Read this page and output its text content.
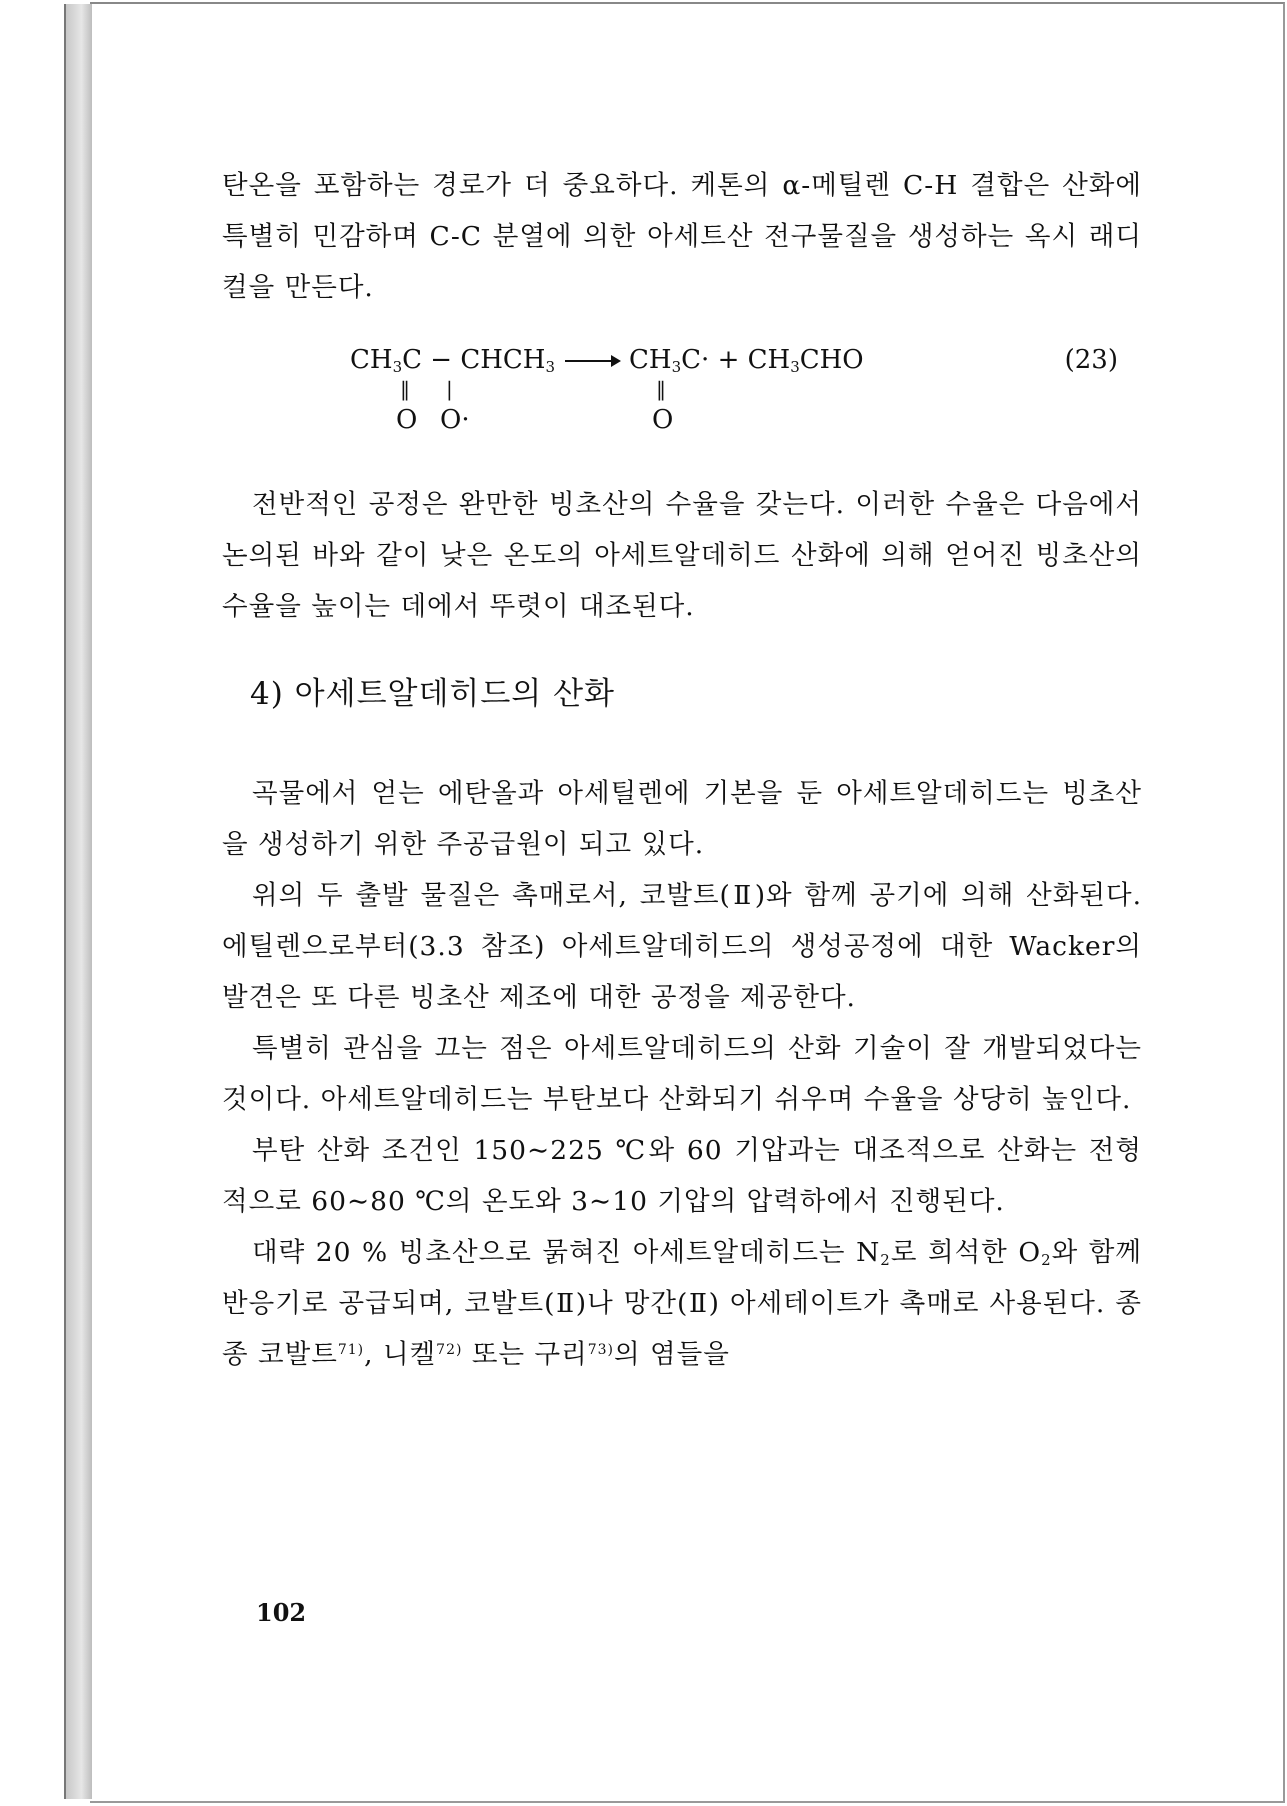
탄온을 포함하는 경로가 더 중요하다. 케톤의 α-메틸렌 C-H 결합은 산화에 특별히 민감하며 C-C 분열에 의한 아세트산 전구물질을 생성하는 옥시 래디컬을 만든다.

$CH_3C$ − $CHCH_3 \to CH_3C\cdot + CH_3CHO$
‖ |	‖
O O·	O
(23)

전반적인 공정은 완만한 빙초산의 수율을 갖는다. 이러한 수율은 다음에서 논의된 바와 같이 낮은 온도의 아세트알데히드 산화에 의해 얻어진 빙초산의 수율을 높이는 데에서 뚜렷이 대조된다.

4) 아세트알데히드의 산화

곡물에서 얻는 에탄올과 아세틸렌에 기본을 둔 아세트알데히드는 빙초산을 생성하기 위한 주공급원이 되고 있다.

위의 두 출발 물질은 촉매로서, 코발트(Ⅱ)와 함께 공기에 의해 산화된다. 에틸렌으로부터(3.3 참조) 아세트알데히드의 생성공정에 대한 Wacker의 발견은 또 다른 빙초산 제조에 대한 공정을 제공한다.

특별히 관심을 끄는 점은 아세트알데히드의 산화 기술이 잘 개발되었다는 것이다. 아세트알데히드는 부탄보다 산화되기 쉬우며 수율을 상당히 높인다.

부탄 산화 조건인 150∼225 ℃와 60 기압과는 대조적으로 산화는 전형적으로 60∼80 ℃의 온도와 3∼10 기압의 압력하에서 진행된다.

대략 20 % 빙초산으로 묽혀진 아세트알데히드는 $N_2$로 희석한 $O_2$와 함께 반응기로 공급되며, 코발트(Ⅱ)나 망간(Ⅱ) 아세테이트가 촉매로 사용된다. 종종 코발트$^{71)}$, 니켈$^{72)}$ 또는 구리$^{73)}$의 염들을

102
